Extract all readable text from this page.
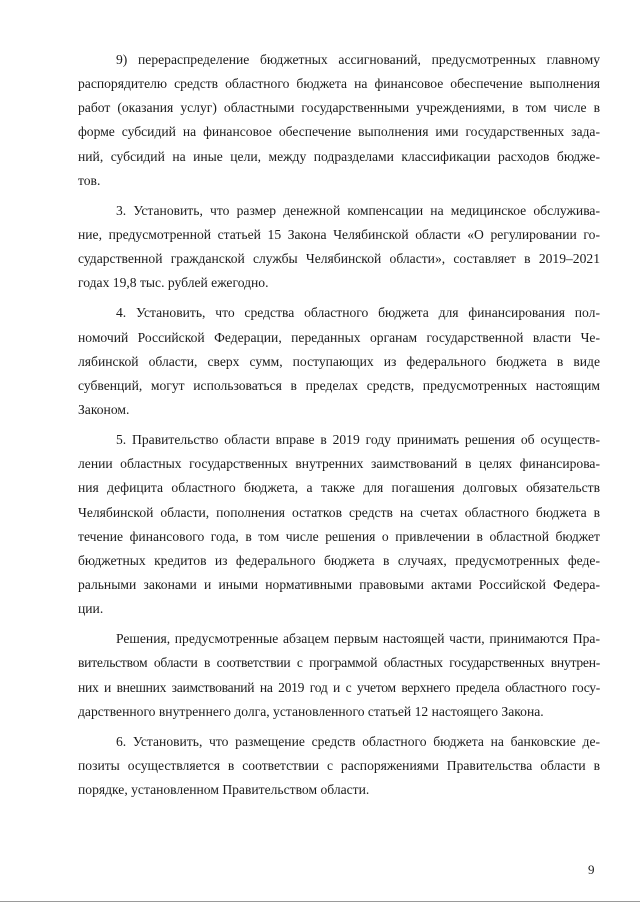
9) перераспределение бюджетных ассигнований, предусмотренных главному
распорядителю средств областного бюджета на финансовое обеспечение выполнения
работ (оказания услуг) областными государственными учреждениями, в том числе в
форме субсидий на финансовое обеспечение выполнения ими государственных зада-
ний, субсидий на иные цели, между подразделами классификации расходов бюдже-
тов.
3. Установить, что размер денежной компенсации на медицинское обслужива-
ние, предусмотренной статьей 15 Закона Челябинской области «О регулировании го-
сударственной гражданской службы Челябинской области», составляет в 2019–2021
годах 19,8 тыс. рублей ежегодно.
4. Установить, что средства областного бюджета для финансирования пол-
номочий Российской Федерации, переданных органам государственной власти Че-
лябинской области, сверх сумм, поступающих из федерального бюджета в виде
субвенций, могут использоваться в пределах средств, предусмотренных настоящим
Законом.
5. Правительство области вправе в 2019 году принимать решения об осуществ-
лении областных государственных внутренних заимствований в целях финансирова-
ния дефицита областного бюджета, а также для погашения долговых обязательств
Челябинской области, пополнения остатков средств на счетах областного бюджета в
течение финансового года, в том числе решения о привлечении в областной бюджет
бюджетных кредитов из федерального бюджета в случаях, предусмотренных феде-
ральными законами и иными нормативными правовыми актами Российской Федера-
ции.
Решения, предусмотренные абзацем первым настоящей части, принимаются Пра-
вительством области в соответствии с программой областных государственных внутрен-
них и внешних заимствований на 2019 год и с учетом верхнего предела областного госу-
дарственного внутреннего долга, установленного статьей 12 настоящего Закона.
6. Установить, что размещение средств областного бюджета на банковские де-
позиты осуществляется в соответствии с распоряжениями Правительства области в
порядке, установленном Правительством области.
9
